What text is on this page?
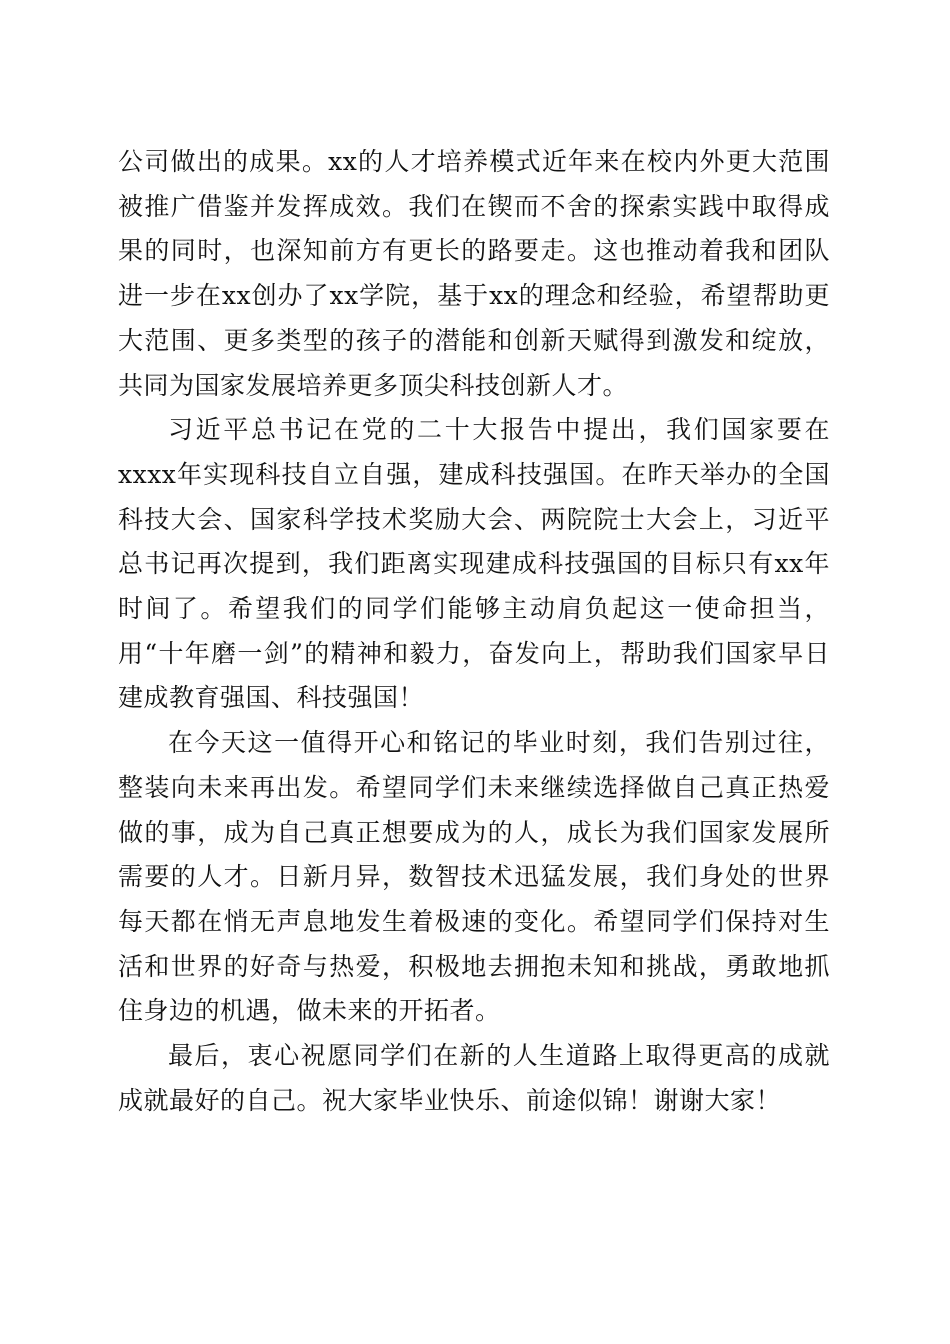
公司做出的成果。xx的人才培养模式近年来在校内外更大范围被推广借鉴并发挥成效。我们在锲而不舍的探索实践中取得成果的同时，也深知前方有更长的路要走。这也推动着我和团队进一步在xx创办了xx学院，基于xx的理念和经验，希望帮助更大范围、更多类型的孩子的潜能和创新天赋得到激发和绽放，共同为国家发展培养更多顶尖科技创新人才。

习近平总书记在党的二十大报告中提出，我们国家要在xxxx年实现科技自立自强，建成科技强国。在昨天举办的全国科技大会、国家科学技术奖励大会、两院院士大会上，习近平总书记再次提到，我们距离实现建成科技强国的目标只有xx年时间了。希望我们的同学们能够主动肩负起这一使命担当，用“十年磨一剑”的精神和毅力，奋发向上，帮助我们国家早日建成教育强国、科技强国！

在今天这一值得开心和铭记的毕业时刻，我们告别过往，整装向未来再出发。希望同学们未来继续选择做自己真正热爱做的事，成为自己真正想要成为的人，成长为我们国家发展所需要的人才。日新月异，数智技术迅猛发展，我们身处的世界每天都在悄无声息地发生着极速的变化。希望同学们保持对生活和世界的好奇与热爱，积极地去拥抱未知和挑战，勇敢地抓住身边的机遇，做未来的开拓者。

最后，衷心祝愿同学们在新的人生道路上取得更高的成就成就最好的自己。祝大家毕业快乐、前途似锦！谢谢大家！
